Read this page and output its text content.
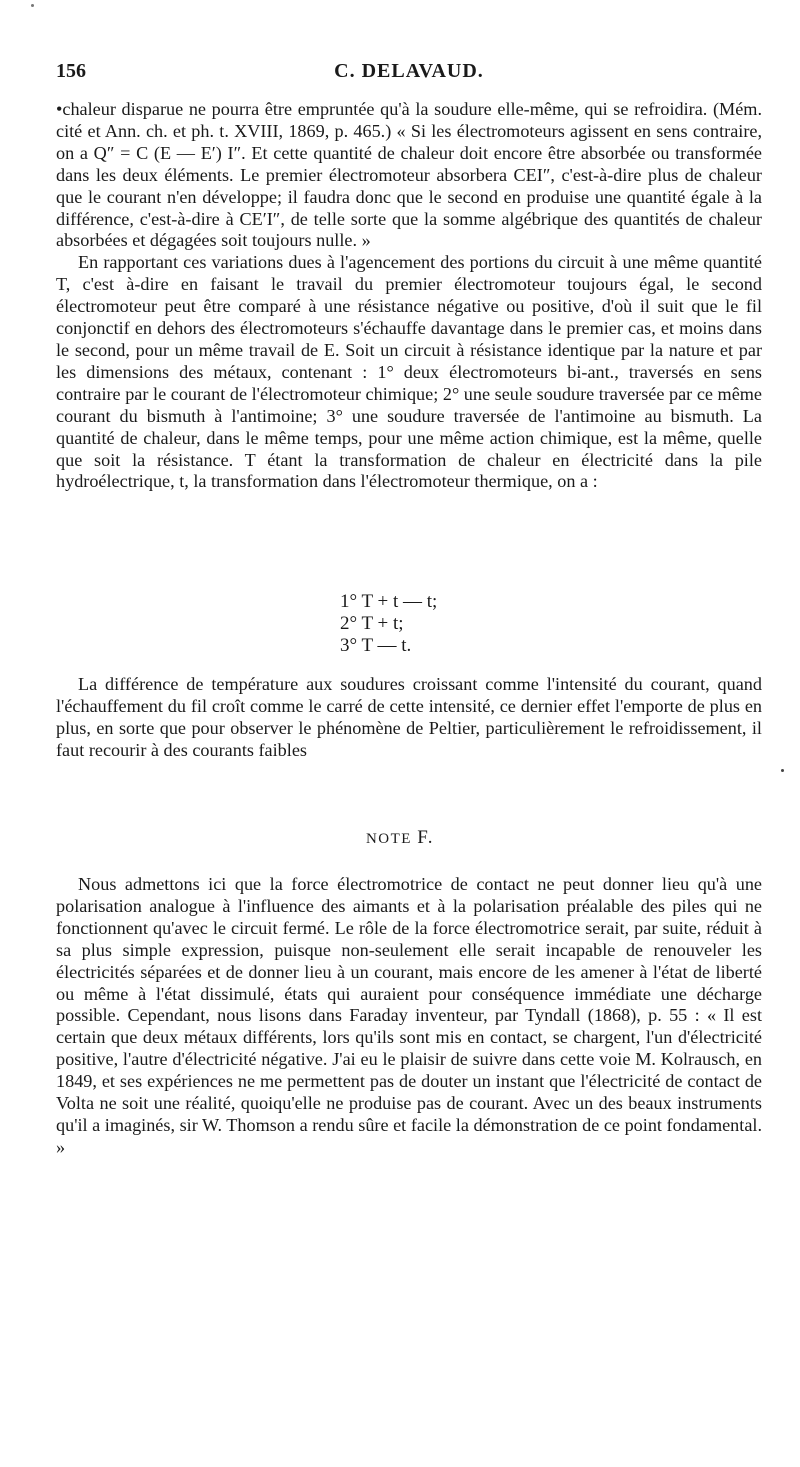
156	C. DELAVAUD.

•chaleur disparue ne pourra être empruntée qu'à la soudure elle-même, qui se refroidira. (Mém. cité et Ann. ch. et ph. t. XVIII, 1869, p. 465.) « Si les électromoteurs agissent en sens contraire, on a Q″ = C (E — E′) I″. Et cette quantité de chaleur doit encore être absorbée ou transformée dans les deux éléments. Le premier électromoteur absorbera CEI″, c'est-à-dire plus de chaleur que le courant n'en développe; il faudra donc que le second en produise une quantité égale à la différence, c'est-à-dire à CE′I″, de telle sorte que la somme algébrique des quantités de chaleur absorbées et dégagées soit toujours nulle. »

En rapportant ces variations dues à l'agencement des portions du circuit à une même quantité T, c'est à-dire en faisant le travail du premier électromoteur toujours égal, le second électromoteur peut être comparé à une résistance négative ou positive, d'où il suit que le fil conjonctif en dehors des électromoteurs s'échauffe davantage dans le premier cas, et moins dans le second, pour un même travail de E. Soit un circuit à résistance identique par la nature et par les dimensions des métaux, contenant : 1° deux électromoteurs bi-ant., traversés en sens contraire par le courant de l'électromoteur chimique; 2° une seule soudure traversée par ce même courant du bismuth à l'antimoine; 3° une soudure traversée de l'antimoine au bismuth. La quantité de chaleur, dans le même temps, pour une même action chimique, est la même, quelle que soit la résistance. T étant la transformation de chaleur en électricité dans la pile hydroélectrique, t, la transformation dans l'électromoteur thermique, on a :

1° T + t — t;
2° T + t;
3° T — t.

La différence de température aux soudures croissant comme l'intensité du courant, quand l'échauffement du fil croît comme le carré de cette intensité, ce dernier effet l'emporte de plus en plus, en sorte que pour observer le phénomène de Peltier, particulièrement le refroidissement, il faut recourir à des courants faibles

NOTE F.

Nous admettons ici que la force électromotrice de contact ne peut donner lieu qu'à une polarisation analogue à l'influence des aimants et à la polarisation préalable des piles qui ne fonctionnent qu'avec le circuit fermé. Le rôle de la force électromotrice serait, par suite, réduit à sa plus simple expression, puisque non-seulement elle serait incapable de renouveler les électricités séparées et de donner lieu à un courant, mais encore de les amener à l'état de liberté ou même à l'état dissimulé, états qui auraient pour conséquence immédiate une décharge possible. Cependant, nous lisons dans Faraday inventeur, par Tyndall (1868), p. 55 : « Il est certain que deux métaux différents, lors qu'ils sont mis en contact, se chargent, l'un d'électricité positive, l'autre d'électricité négative. J'ai eu le plaisir de suivre dans cette voie M. Kolrausch, en 1849, et ses expériences ne me permettent pas de douter un instant que l'électricité de contact de Volta ne soit une réalité, quoiqu'elle ne produise pas de courant. Avec un des beaux instruments qu'il a imaginés, sir W. Thomson a rendu sûre et facile la démonstration de ce point fondamental. »
